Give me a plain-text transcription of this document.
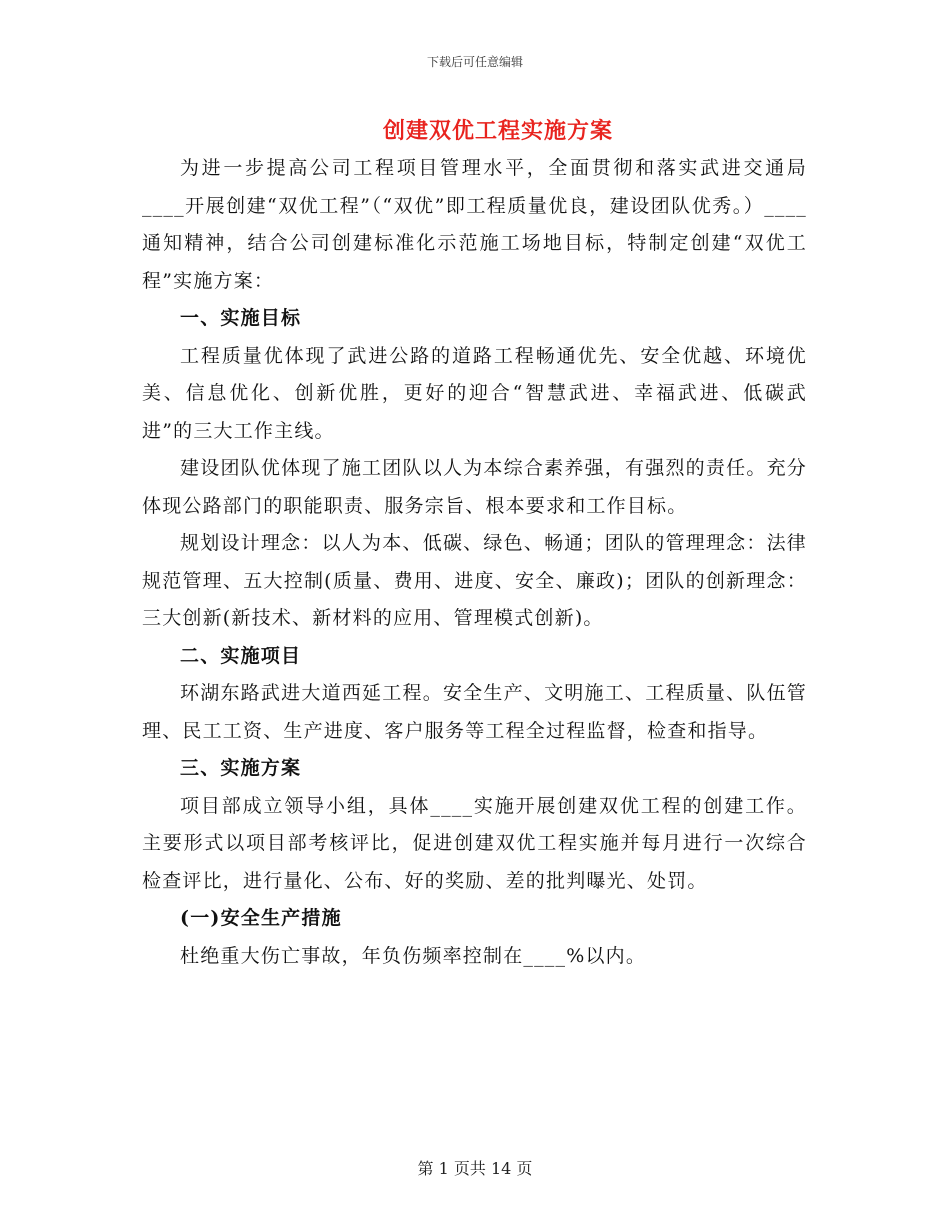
下载后可任意编辑
创建双优工程实施方案

为进一步提高公司工程项目管理水平，全面贯彻和落实武进交通局____开展创建“双优工程”（“双优”即工程质量优良，建设团队优秀。）____通知精神，结合公司创建标准化示范施工场地目标，特制定创建“双优工程”实施方案：

一、实施目标

工程质量优体现了武进公路的道路工程畅通优先、安全优越、环境优美、信息优化、创新优胜，更好的迎合“智慧武进、幸福武进、低碳武进”的三大工作主线。

建设团队优体现了施工团队以人为本综合素养强，有强烈的责任。充分体现公路部门的职能职责、服务宗旨、根本要求和工作目标。

规划设计理念：以人为本、低碳、绿色、畅通；团队的管理理念：法律规范管理、五大控制(质量、费用、进度、安全、廉政)；团队的创新理念：三大创新(新技术、新材料的应用、管理模式创新)。

二、实施项目

环湖东路武进大道西延工程。安全生产、文明施工、工程质量、队伍管理、民工工资、生产进度、客户服务等工程全过程监督，检查和指导。

三、实施方案

项目部成立领导小组，具体____实施开展创建双优工程的创建工作。主要形式以项目部考核评比，促进创建双优工程实施并每月进行一次综合检查评比，进行量化、公布、好的奖励、差的批判曝光、处罚。

(一)安全生产措施

杜绝重大伤亡事故，年负伤频率控制在____%以内。

第 1 页共 14 页
